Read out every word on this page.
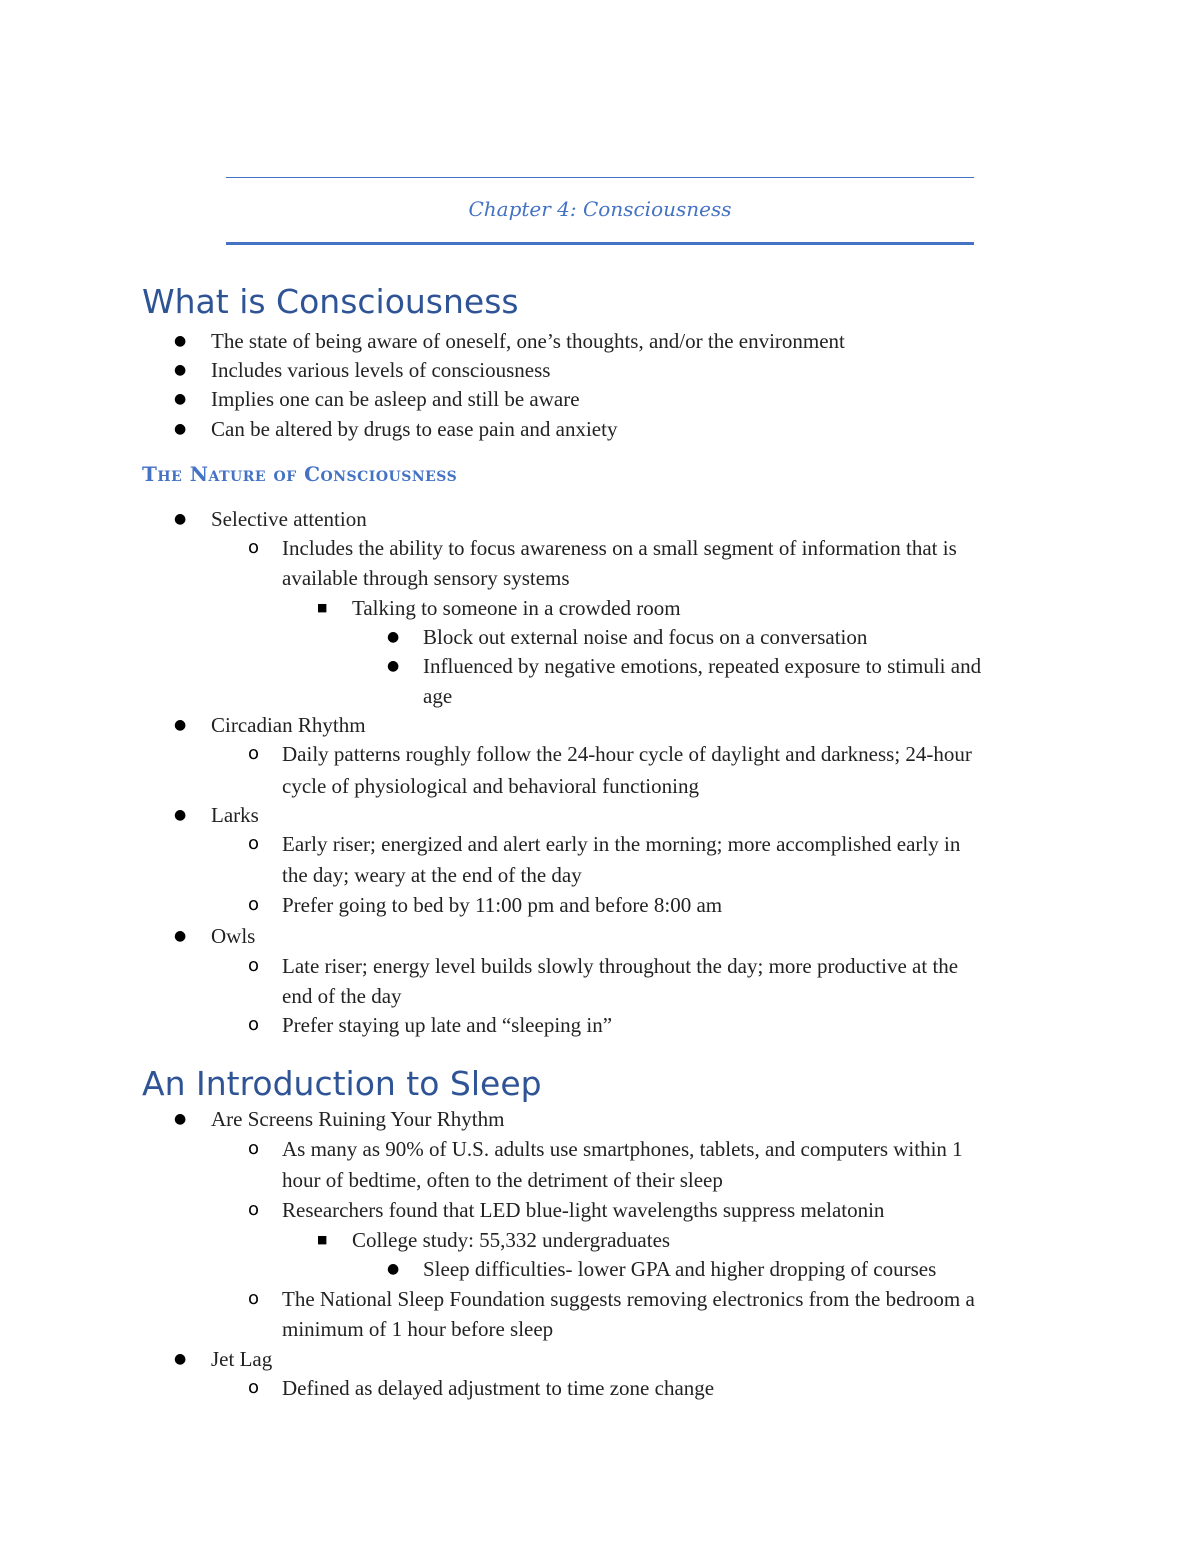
Chapter 4: Consciousness
What is Consciousness
● The state of being aware of oneself, one’s thoughts, and/or the environment
● Includes various levels of consciousness
● Implies one can be asleep and still be aware
● Can be altered by drugs to ease pain and anxiety
The Nature of Consciousness
● Selective attention
o Includes the ability to focus awareness on a small segment of information that is
available through sensory systems
■ Talking to someone in a crowded room
● Block out external noise and focus on a conversation
● Influenced by negative emotions, repeated exposure to stimuli and
age
● Circadian Rhythm
o Daily patterns roughly follow the 24-hour cycle of daylight and darkness; 24-hour
cycle of physiological and behavioral functioning
● Larks
o Early riser; energized and alert early in the morning; more accomplished early in
the day; weary at the end of the day
o Prefer going to bed by 11:00 pm and before 8:00 am
● Owls
o Late riser; energy level builds slowly throughout the day; more productive at the
end of the day
o Prefer staying up late and “sleeping in”
An Introduction to Sleep
● Are Screens Ruining Your Rhythm
o As many as 90% of U.S. adults use smartphones, tablets, and computers within 1
hour of bedtime, often to the detriment of their sleep
o Researchers found that LED blue-light wavelengths suppress melatonin
■ College study: 55,332 undergraduates
● Sleep difficulties- lower GPA and higher dropping of courses
o The National Sleep Foundation suggests removing electronics from the bedroom a
minimum of 1 hour before sleep
● Jet Lag
o Defined as delayed adjustment to time zone change
